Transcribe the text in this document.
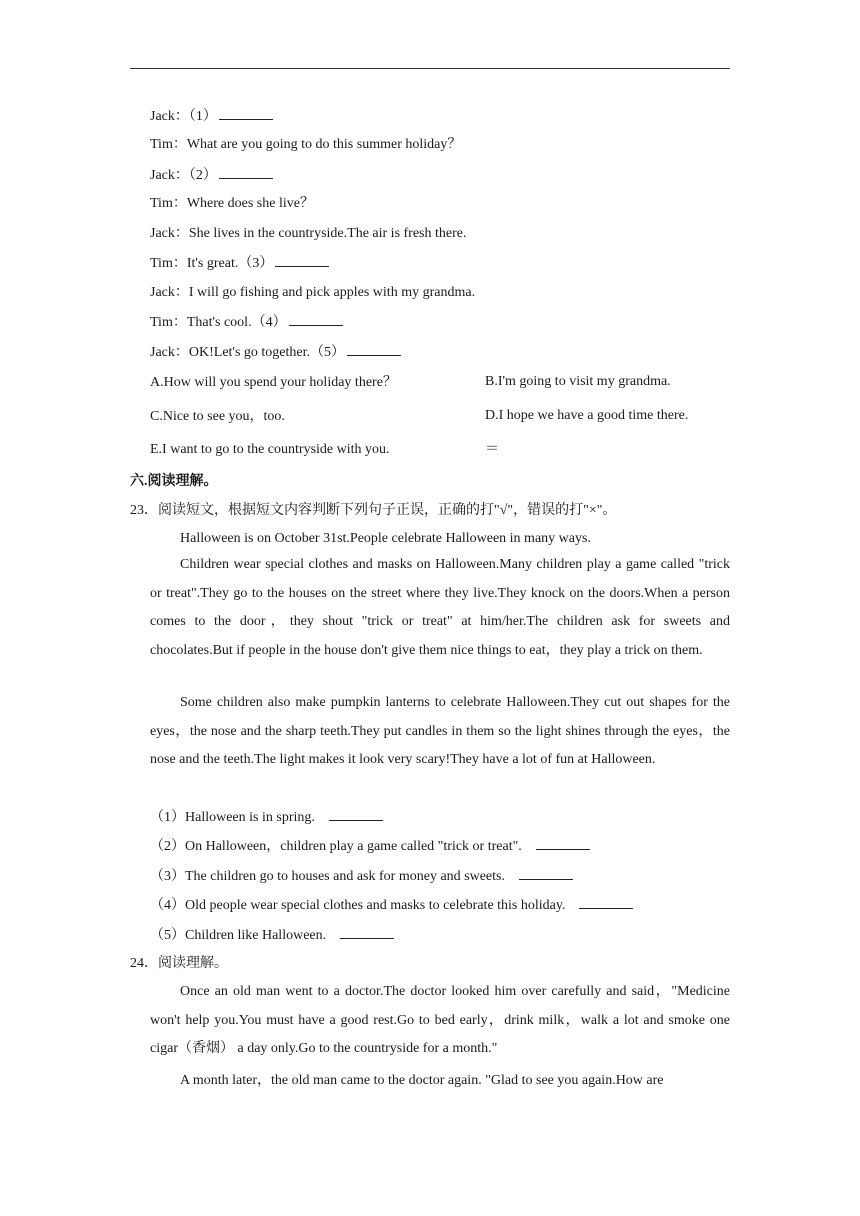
Jack：（1）
Tim：What are you going to do this summer holiday？
Jack：（2）
Tim：Where does she live？
Jack：She lives in the countryside.The air is fresh there.
Tim：It's great.（3）
Jack：I will go fishing and pick apples with my grandma.
Tim：That's cool.（4）
Jack：OK!Let's go together.（5）
A.How will you spend your holiday there？	B.I'm going to visit my grandma.
C.Nice to see you，too.	D.I hope we have a good time there.
E.I want to go to the countryside with you.	＝
六.阅读理解。
23．阅读短文，根据短文内容判断下列句子正误，正确的打"√"，错误的打"×"。
Halloween is on October 31st.People celebrate Halloween in many ways.
Children wear special clothes and masks on Halloween.Many children play a game called "trick or treat".They go to the houses on the street where they live.They knock on the doors.When a person comes to the door，they shout "trick or treat" at him/her.The children ask for sweets and chocolates.But if people in the house don't give them nice things to eat，they play a trick on them.
Some children also make pumpkin lanterns to celebrate Halloween.They cut out shapes for the eyes，the nose and the sharp teeth.They put candles in them so the light shines through the eyes，the nose and the teeth.The light makes it look very scary!They have a lot of fun at Halloween.
（1）Halloween is in spring.
（2）On Halloween，children play a game called "trick or treat".
（3）The children go to houses and ask for money and sweets.
（4）Old people wear special clothes and masks to celebrate this holiday.
（5）Children like Halloween.
24．阅读理解。
Once an old man went to a doctor.The doctor looked him over carefully and said，"Medicine won't help you.You must have a good rest.Go to bed early，drink milk，walk a lot and smoke one cigar（香烟） a day only.Go to the countryside for a month."
A month later，the old man came to the doctor again. "Glad to see you again.How are
